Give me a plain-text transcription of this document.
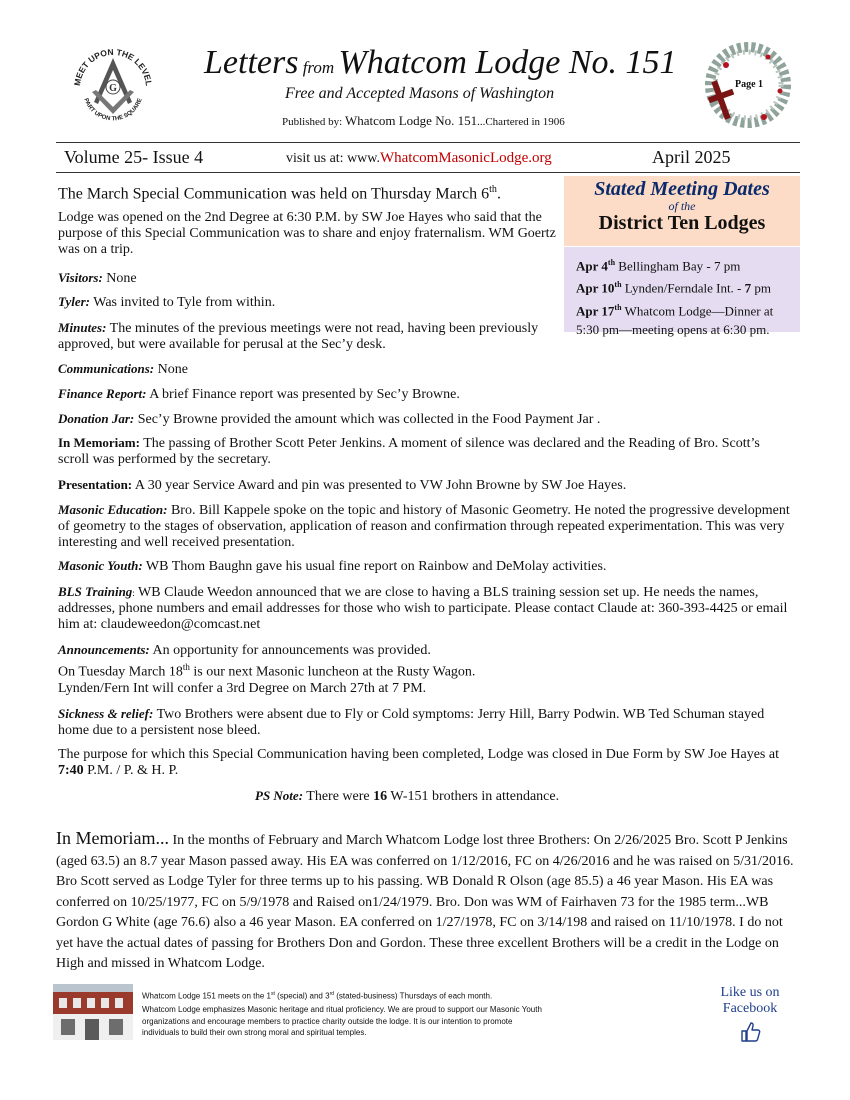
MEET UPON THE LEVEL
PART UPON THE SQUARE
G
Letters from Whatcom Lodge No. 151
Free and Accepted Masons of Washington
Published by: Whatcom Lodge No. 151...Chartered in 1906
Page 1
Volume 25- Issue 4	visit us at: www.WhatcomMasonicLodge.org	April 2025
Stated Meeting Dates
of the
District Ten Lodges
Apr 4th Bellingham Bay - 7 pm
Apr 10th Lynden/Ferndale Int. - 7 pm
Apr 17th Whatcom Lodge—Dinner at
5:30 pm—meeting opens at 6:30 pm.
The March Special Communication was held on Thursday March 6th.
Lodge was opened on the 2nd Degree at 6:30 P.M. by SW Joe Hayes who said that the purpose of this Special Communication was to share and enjoy fraternalism. WM Goertz was on a trip.
Visitors: None
Tyler: Was invited to Tyle from within.
Minutes: The minutes of the previous meetings were not read, having been previously approved, but were available for perusal at the Sec’y desk.
Communications: None
Finance Report: A brief Finance report was presented by Sec’y Browne.
Donation Jar: Sec’y Browne provided the amount which was collected in the Food Payment Jar .
In Memoriam: The passing of Brother Scott Peter Jenkins. A moment of silence was declared and the Reading of Bro. Scott’s scroll was performed by the secretary.
Presentation: A 30 year Service Award and pin was presented to VW John Browne by SW Joe Hayes.
Masonic Education: Bro. Bill Kappele spoke on the topic and history of Masonic Geometry. He noted the progressive development of geometry to the stages of observation, application of reason and confirmation through repeated experimentation. This was very interesting and well received presentation.
Masonic Youth: WB Thom Baughn gave his usual fine report on Rainbow and DeMolay activities.
BLS Training: WB Claude Weedon announced that we are close to having a BLS training session set up. He needs the names, addresses, phone numbers and email addresses for those who wish to participate. Please contact Claude at: 360-393-4425 or email him at: claudeweedon@comcast.net
Announcements: An opportunity for announcements was provided.
On Tuesday March 18th is our next Masonic luncheon at the Rusty Wagon.
Lynden/Fern Int will confer a 3rd Degree on March 27th at 7 PM.
Sickness & relief: Two Brothers were absent due to Fly or Cold symptoms: Jerry Hill, Barry Podwin. WB Ted Schuman stayed home due to a persistent nose bleed.
The purpose for which this Special Communication having been completed, Lodge was closed in Due Form by SW Joe Hayes at 7:40 P.M. / P. & H. P.
PS Note: There were 16 W-151 brothers in attendance.
In Memoriam... In the months of February and March Whatcom Lodge lost three Brothers: On 2/26/2025 Bro. Scott P Jenkins (aged 63.5) an 8.7 year Mason passed away. His EA was conferred on 1/12/2016, FC on 4/26/2016 and he was raised on 5/31/2016. Bro Scott served as Lodge Tyler for three terms up to his passing. WB Donald R Olson (age 85.5) a 46 year Mason. His EA was conferred on 10/25/1977, FC on 5/9/1978 and Raised on1/24/1979. Bro. Don was WM of Fairhaven 73 for the 1985 term...WB Gordon G White (age 76.6) also a 46 year Mason. EA conferred on 1/27/1978, FC on 3/14/198 and raised on 11/10/1978. I do not yet have the actual dates of passing for Brothers Don and Gordon. These three excellent Brothers will be a credit in the Lodge on High and missed in Whatcom Lodge.
Whatcom Lodge 151 meets on the 1st (special) and 3rd (stated-business) Thursdays of each month.
Whatcom Lodge emphasizes Masonic heritage and ritual proficiency. We are proud to support our Masonic Youth organizations and encourage members to practice charity outside the lodge. It is our intention to promote individuals to build their own strong moral and spiritual temples.
Like us on Facebook
